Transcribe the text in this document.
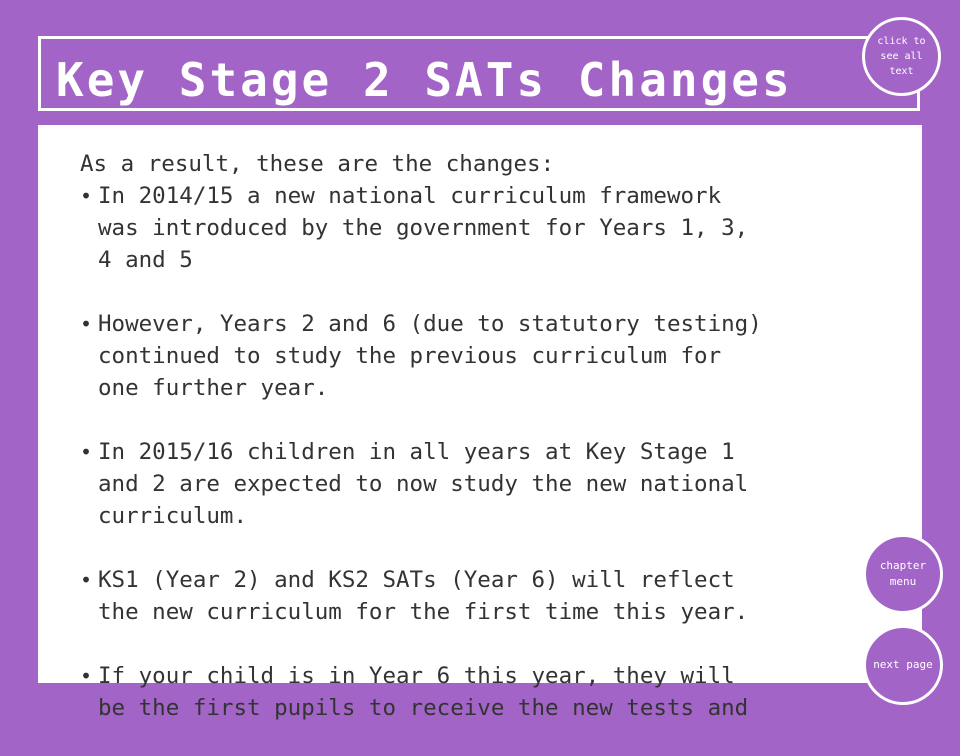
Key Stage 2 SATs Changes

As a result, these are the changes:

• In 2014/15 a new national curriculum framework
was introduced by the government for Years 1, 3,
4 and 5
• However, Years 2 and 6 (due to statutory testing)
continued to study the previous curriculum for
one further year.
• In 2015/16 children in all years at Key Stage 1
and 2 are expected to now study the new national
curriculum.
• KS1 (Year 2) and KS2 SATs (Year 6) will reflect
the new curriculum for the first time this year.
• If your child is in Year 6 this year, they will
be the first pupils to receive the new tests and
click to see all text
chapter menu
next page
